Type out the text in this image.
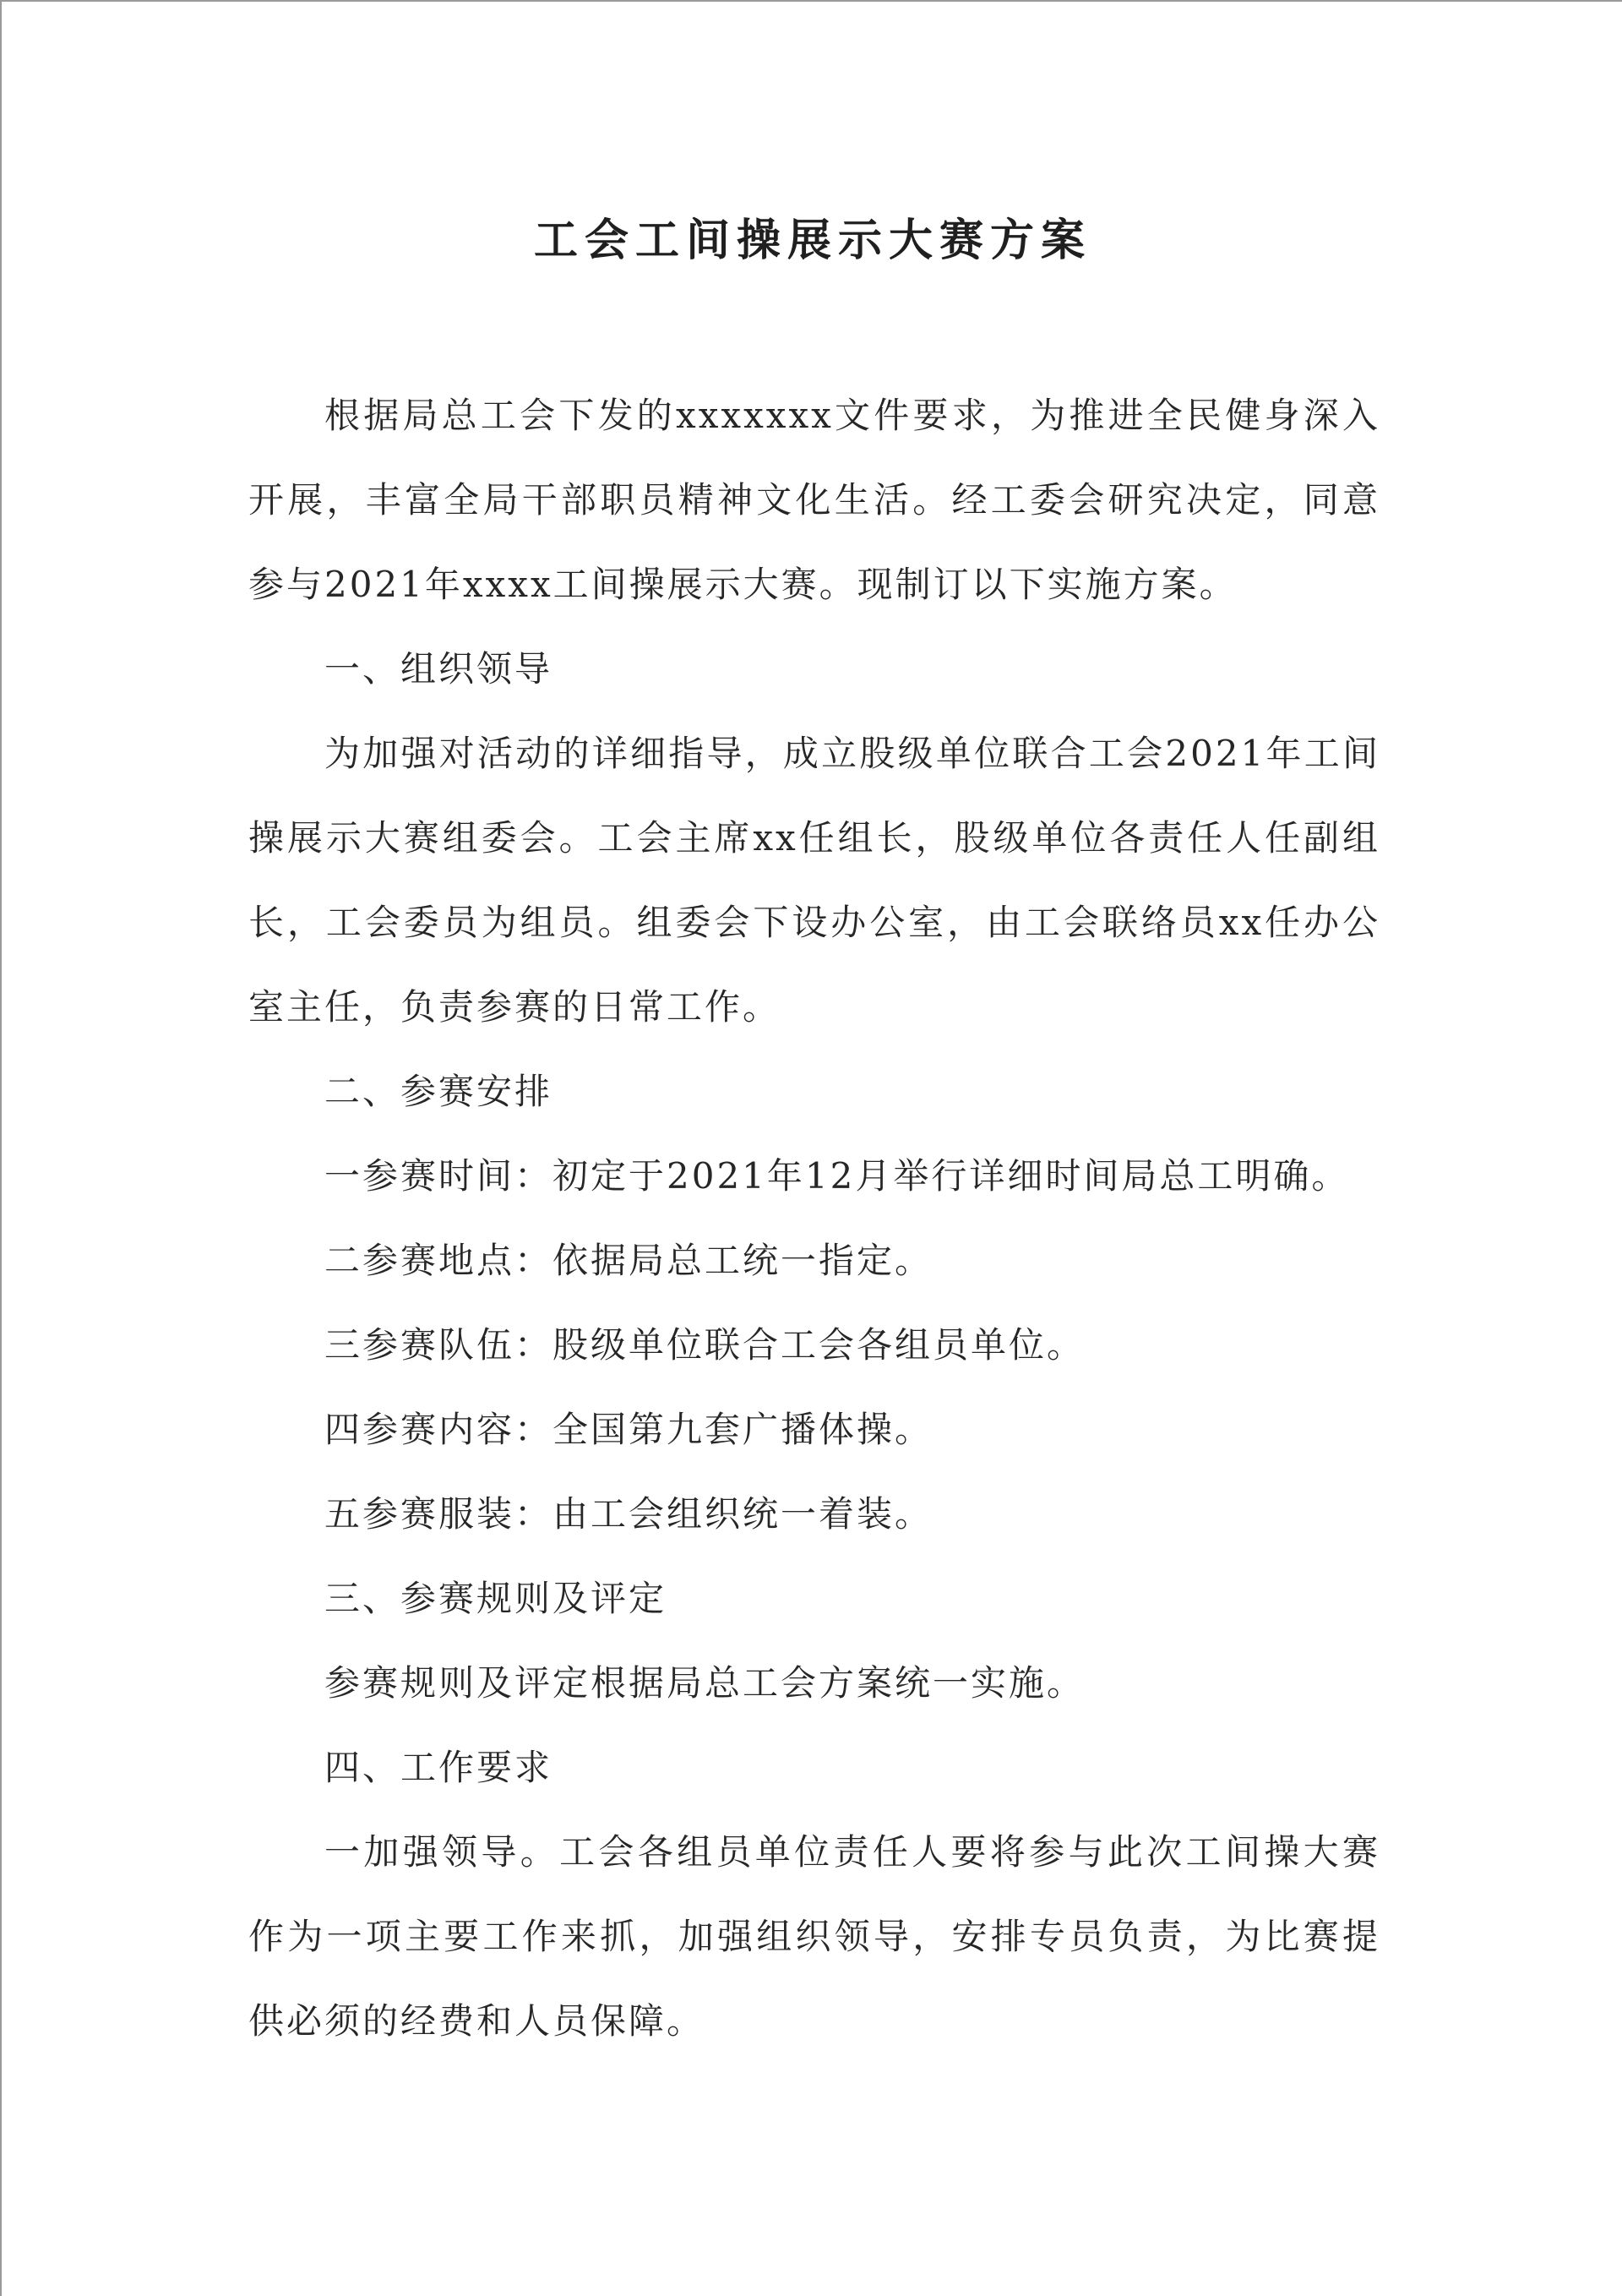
工会工间操展示大赛方案

根据局总工会下发的xxxxxxx文件要求，为推进全民健身深入开展，丰富全局干部职员精神文化生活。经工委会研究决定，同意参与2021年xxxx工间操展示大赛。现制订以下实施方案。

一、组织领导

为加强对活动的详细指导，成立股级单位联合工会2021年工间操展示大赛组委会。工会主席xx任组长，股级单位各责任人任副组长，工会委员为组员。组委会下设办公室，由工会联络员xx任办公室主任，负责参赛的日常工作。

二、参赛安排

一参赛时间：初定于2021年12月举行详细时间局总工明确。

二参赛地点：依据局总工统一指定。

三参赛队伍：股级单位联合工会各组员单位。

四参赛内容：全国第九套广播体操。

五参赛服装：由工会组织统一着装。

三、参赛规则及评定

参赛规则及评定根据局总工会方案统一实施。

四、工作要求

一加强领导。工会各组员单位责任人要将参与此次工间操大赛作为一项主要工作来抓，加强组织领导，安排专员负责，为比赛提供必须的经费和人员保障。
